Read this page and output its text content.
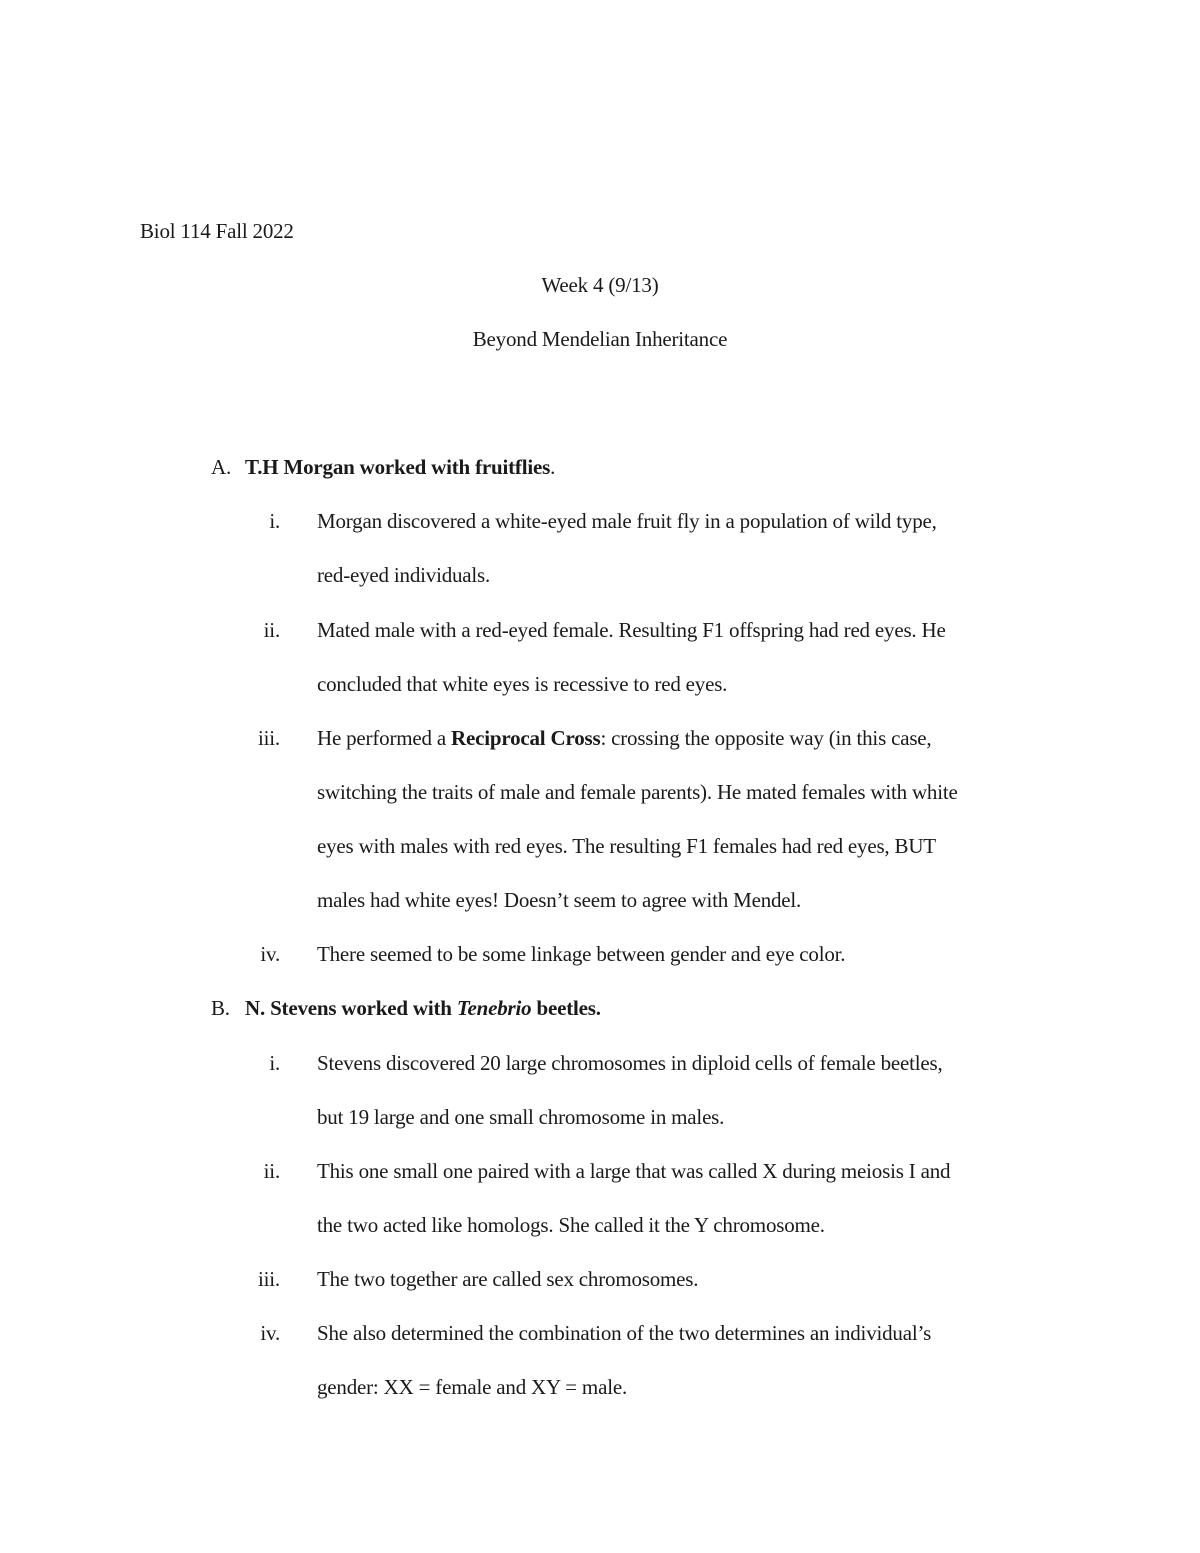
Biol 114 Fall 2022
Week 4 (9/13)
Beyond Mendelian Inheritance
A. T.H Morgan worked with fruitflies.
i. Morgan discovered a white-eyed male fruit fly in a population of wild type,
red-eyed individuals.
ii. Mated male with a red-eyed female. Resulting F1 offspring had red eyes. He
concluded that white eyes is recessive to red eyes.
iii. He performed a Reciprocal Cross: crossing the opposite way (in this case,
switching the traits of male and female parents). He mated females with white
eyes with males with red eyes. The resulting F1 females had red eyes, BUT
males had white eyes! Doesn’t seem to agree with Mendel.
iv. There seemed to be some linkage between gender and eye color.
B. N. Stevens worked with Tenebrio beetles.
i. Stevens discovered 20 large chromosomes in diploid cells of female beetles,
but 19 large and one small chromosome in males.
ii. This one small one paired with a large that was called X during meiosis I and
the two acted like homologs. She called it the Y chromosome.
iii. The two together are called sex chromosomes.
iv. She also determined the combination of the two determines an individual’s
gender: XX = female and XY = male.
